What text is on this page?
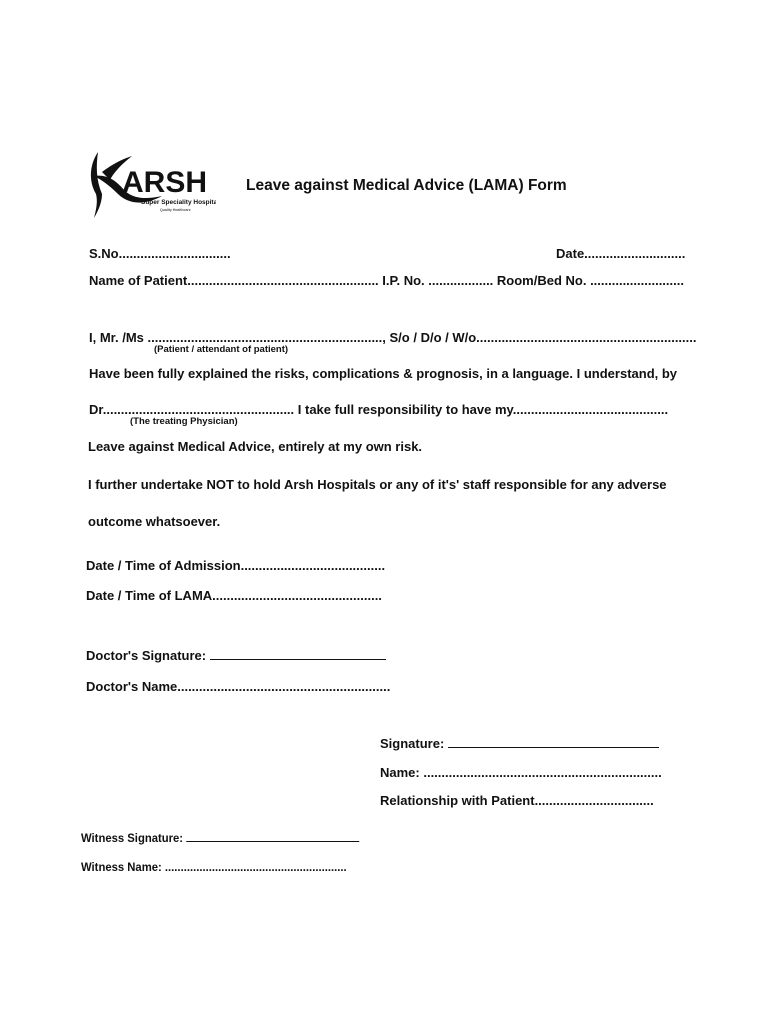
ARSH
Super Speciality Hospital
Quality Healthcare
Leave against Medical Advice (LAMA) Form
S.No...............................	Date............................
Name of Patient..................................................... I.P. No. .................. Room/Bed No. ..........................
I, Mr. /Ms ................................................................., S/o / D/o / W/o.............................................................
(Patient / attendant of patient)
Have been fully explained the risks, complications & prognosis, in a language. I understand, by
Dr..................................................... I take full responsibility to have my...........................................
(The treating Physician)
Leave against Medical Advice, entirely at my own risk.
I further undertake NOT to hold Arsh Hospitals or any of it's' staff responsible for any adverse
outcome whatsoever.
Date / Time of Admission........................................
Date / Time of LAMA...............................................
Doctor's Signature:
Doctor's Name...........................................................
Signature:
Name: ..................................................................
Relationship with Patient.................................
Witness Signature:
Witness Name: ..........................................................
